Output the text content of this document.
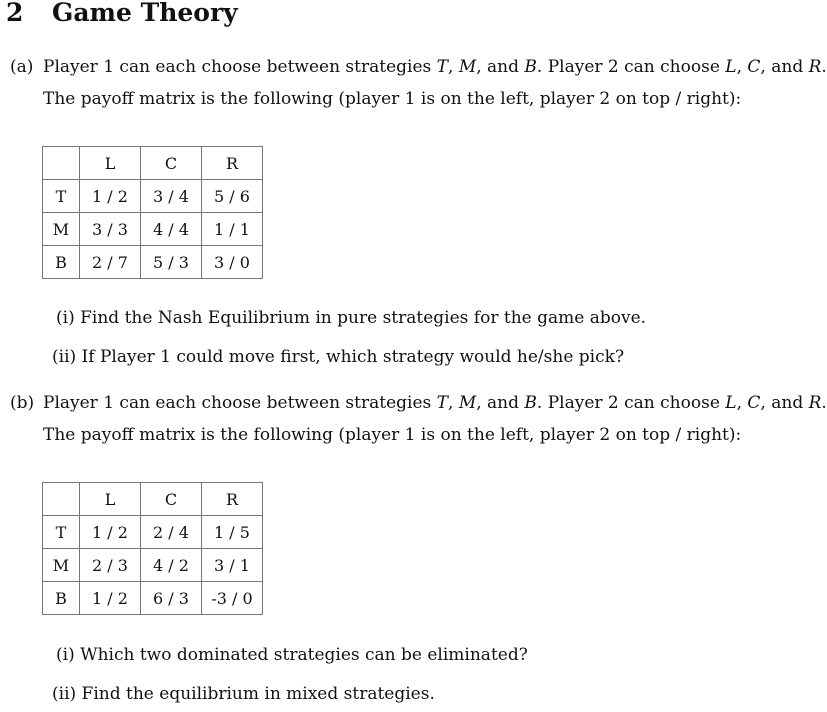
2 Game Theory
(a) Player 1 can each choose between strategies T, M, and B. Player 2 can choose L, C, and R.
The payoff matrix is the following (player 1 is on the left, player 2 on top / right):
	L	C	R
T	1 / 2	3 / 4	5 / 6
M	3 / 3	4 / 4	1 / 1
B	2 / 7	5 / 3	3 / 0
(i) Find the Nash Equilibrium in pure strategies for the game above.
(ii) If Player 1 could move first, which strategy would he/she pick?
(b) Player 1 can each choose between strategies T, M, and B. Player 2 can choose L, C, and R.
The payoff matrix is the following (player 1 is on the left, player 2 on top / right):
	L	C	R
T	1 / 2	2 / 4	1 / 5
M	2 / 3	4 / 2	3 / 1
B	1 / 2	6 / 3	-3 / 0
(i) Which two dominated strategies can be eliminated?
(ii) Find the equilibrium in mixed strategies.
